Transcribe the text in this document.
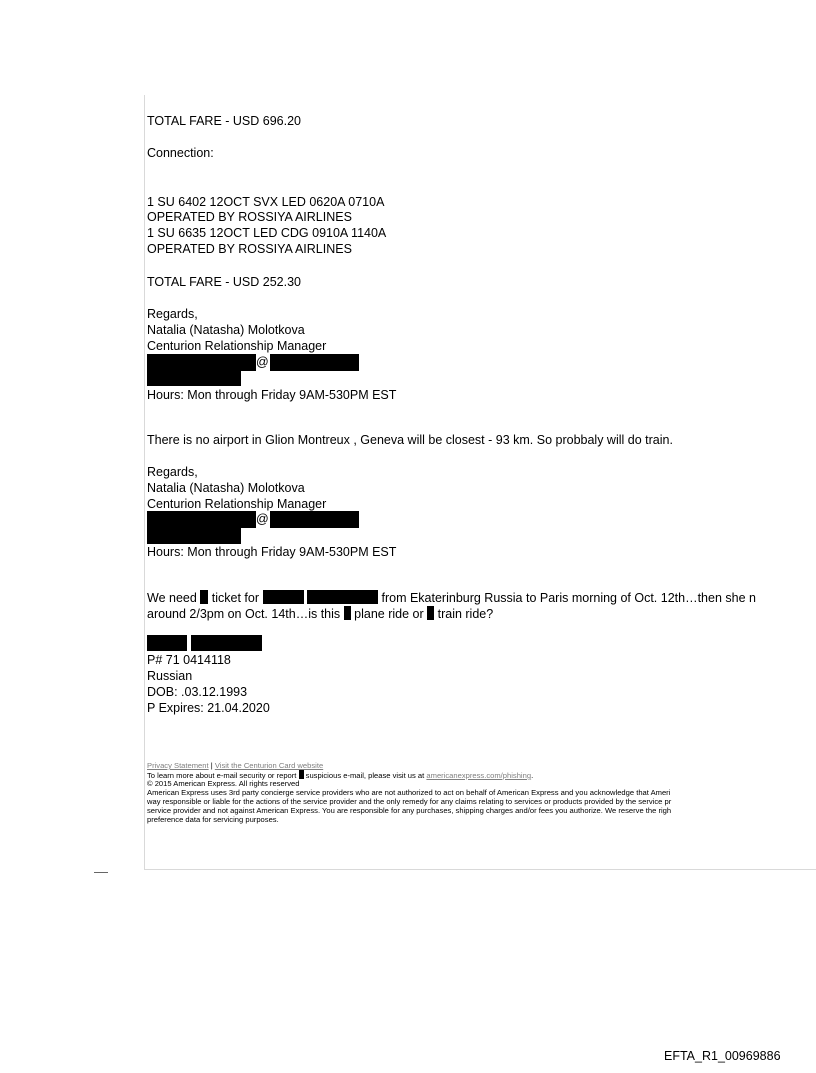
TOTAL FARE - USD 696.20
Connection:
1 SU 6402 12OCT SVX LED 0620A 0710A
OPERATED BY ROSSIYA AIRLINES
1 SU 6635 12OCT LED CDG 0910A 1140A
OPERATED BY ROSSIYA AIRLINES
TOTAL FARE - USD 252.30
Regards,
Natalia (Natasha) Molotkova
Centurion Relationship Manager
@
Hours: Mon through Friday 9AM-530PM EST
There is no airport in Glion Montreux , Geneva will be closest - 93 km. So probbaly will do train.
Regards,
Natalia (Natasha) Molotkova
Centurion Relationship Manager
@
Hours: Mon through Friday 9AM-530PM EST
We need ticket for	from Ekaterinburg Russia to Paris morning of Oct. 12th…then she n
around 2/3pm on Oct. 14th…is this plane ride or train ride?
P# 71 0414118
Russian
DOB: .03.12.1993
P Expires: 21.04.2020
Privacy Statement | Visit the Centurion Card website
To learn more about e-mail security or report suspicious e-mail, please visit us at americanexpress.com/phishing.
© 2015 American Express. All rights reserved
American Express uses 3rd party concierge service providers who are not authorized to act on behalf of American Express and you acknowledge that Ameri
way responsible or liable for the actions of the service provider and the only remedy for any claims relating to services or products provided by the service pr
service provider and not against American Express. You are responsible for any purchases, shipping charges and/or fees you authorize. We reserve the righ
preference data for servicing purposes.
EFTA_R1_00969886
